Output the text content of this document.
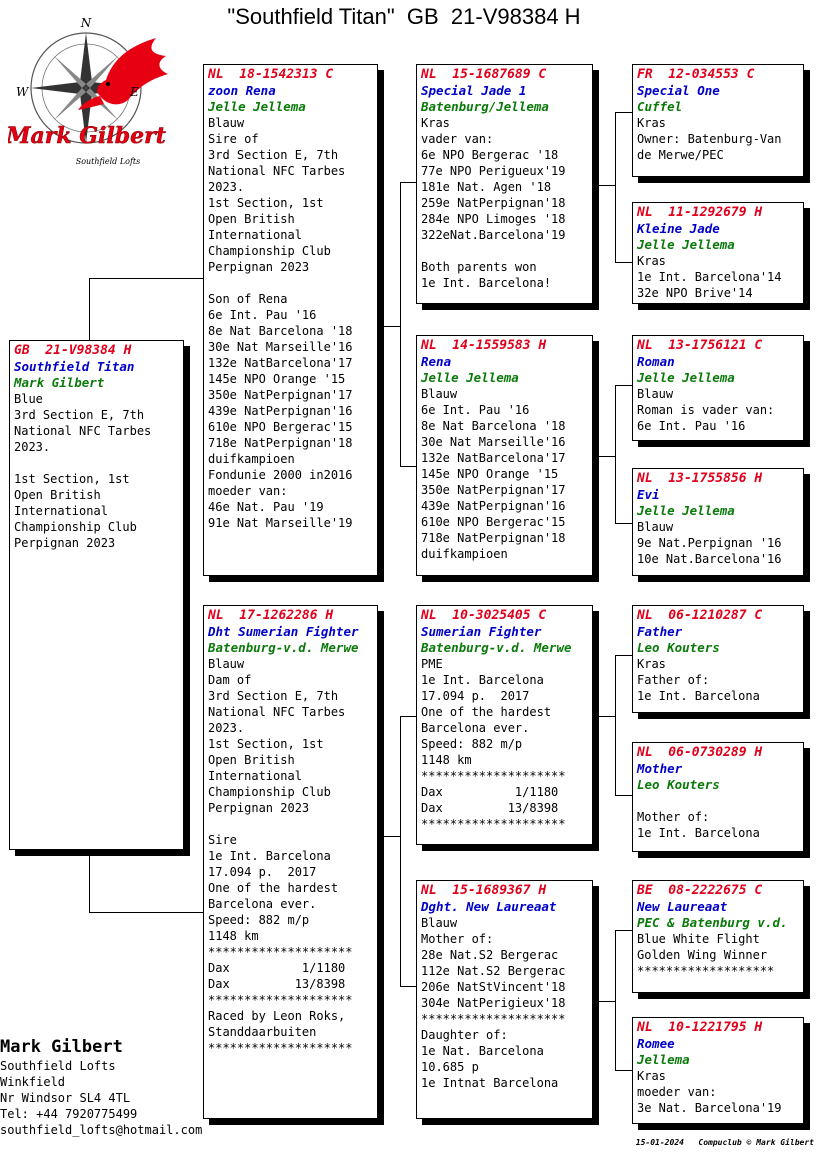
"Southfield Titan"  GB  21-V98384 H
N
W	E
Mark Gilbert
Southfield Lofts
GB  21-V98384 H
Southfield Titan
Mark Gilbert
Blue
3rd Section E, 7th
National NFC Tarbes
2023.

1st Section, 1st
Open British
International
Championship Club
Perpignan 2023
NL  18-1542313 C
zoon Rena
Jelle Jellema
Blauw
Sire of
3rd Section E, 7th
National NFC Tarbes
2023.
1st Section, 1st
Open British
International
Championship Club
Perpignan 2023

Son of Rena
6e Int. Pau '16
8e Nat Barcelona '18
30e Nat Marseille'16
132e NatBarcelona'17
145e NPO Orange '15
350e NatPerpignan'17
439e NatPerpignan'16
610e NPO Bergerac'15
718e NatPerpignan'18
duifkampioen
Fondunie 2000 in2016
moeder van:
46e Nat. Pau '19
91e Nat Marseille'19
NL  17-1262286 H
Dht Sumerian Fighter
Batenburg-v.d. Merwe
Blauw
Dam of
3rd Section E, 7th
National NFC Tarbes
2023.
1st Section, 1st
Open British
International
Championship Club
Perpignan 2023

Sire
1e Int. Barcelona
17.094 p.  2017
One of the hardest
Barcelona ever.
Speed: 882 m/p
1148 km
********************
Dax          1/1180
Dax         13/8398
********************
Raced by Leon Roks,
Standdaarbuiten
********************
NL  15-1687689 C
Special Jade 1
Batenburg/Jellema
Kras
vader van:
6e NPO Bergerac '18
77e NPO Perigueux'19
181e Nat. Agen '18
259e NatPerpignan'18
284e NPO Limoges '18
322eNat.Barcelona'19

Both parents won
1e Int. Barcelona!
NL  14-1559583 H
Rena
Jelle Jellema
Blauw
6e Int. Pau '16
8e Nat Barcelona '18
30e Nat Marseille'16
132e NatBarcelona'17
145e NPO Orange '15
350e NatPerpignan'17
439e NatPerpignan'16
610e NPO Bergerac'15
718e NatPerpignan'18
duifkampioen
NL  10-3025405 C
Sumerian Fighter
Batenburg-v.d. Merwe
PME
1e Int. Barcelona
17.094 p.  2017
One of the hardest
Barcelona ever.
Speed: 882 m/p
1148 km
********************
Dax          1/1180
Dax         13/8398
********************
NL  15-1689367 H
Dght. New Laureaat
Blauw
Mother of:
28e Nat.S2 Bergerac
112e Nat.S2 Bergerac
206e NatStVincent'18
304e NatPerigieux'18
********************
Daughter of:
1e Nat. Barcelona
10.685 p
1e Intnat Barcelona
FR  12-034553 C
Special One
Cuffel
Kras
Owner: Batenburg-Van
de Merwe/PEC
NL  11-1292679 H
Kleine Jade
Jelle Jellema
Kras
1e Int. Barcelona'14
32e NPO Brive'14
NL  13-1756121 C
Roman
Jelle Jellema
Blauw
Roman is vader van:
6e Int. Pau '16
NL  13-1755856 H
Evi
Jelle Jellema
Blauw
9e Nat.Perpignan '16
10e Nat.Barcelona'16
NL  06-1210287 C
Father
Leo Kouters
Kras
Father of:
1e Int. Barcelona
NL  06-0730289 H
Mother
Leo Kouters

Mother of:
1e Int. Barcelona
BE  08-2222675 C
New Laureaat
PEC & Batenburg v.d.
Blue White Flight
Golden Wing Winner
*******************
NL  10-1221795 H
Romee
Jellema
Kras
moeder van:
3e Nat. Barcelona'19
Mark Gilbert
Southfield Lofts
Winkfield
Nr Windsor SL4 4TL
Tel: +44 7920775499
southfield_lofts@hotmail.com
15-01-2024   Compuclub © Mark Gilbert
